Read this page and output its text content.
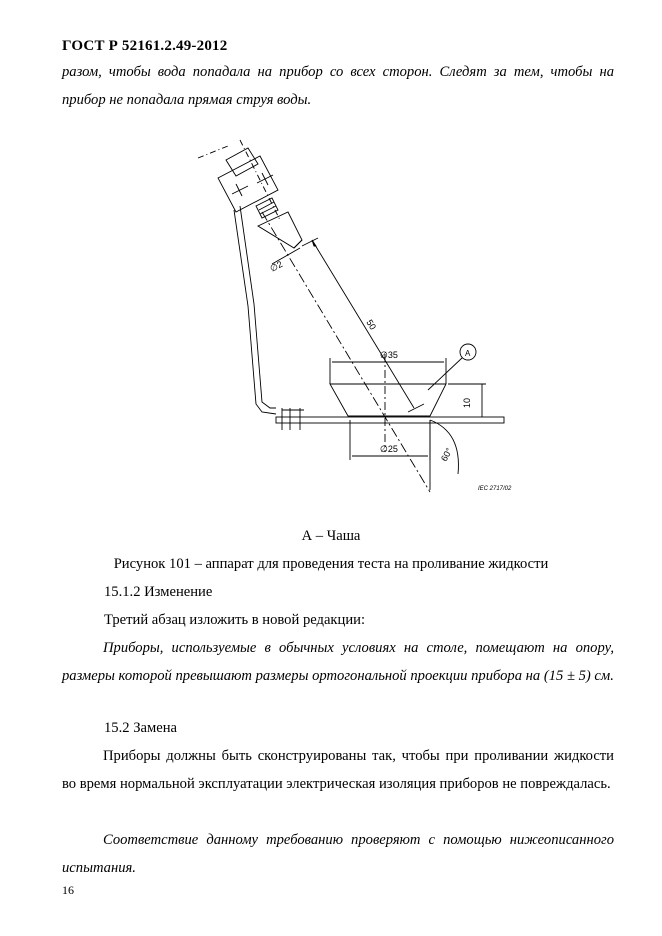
ГОСТ Р 52161.2.49-2012
разом, чтобы вода попадала на прибор со всех сторон. Следят за тем, чтобы на прибор не попадала прямая струя воды.
∅2
50
∅35
10
∅25	60°
A
IEC 2717/02
А – Чаша
Рисунок 101 – аппарат для проведения теста на проливание жидкости
15.1.2 Изменение
Третий абзац изложить в новой редакции:
Приборы, используемые в обычных условиях на столе, помещают на опору, размеры которой превышают размеры ортогональной проекции прибора на (15 ± 5) см.
15.2 Замена
Приборы должны быть сконструированы так, чтобы при проливании жидкости во время нормальной эксплуатации электрическая изоляция приборов не повреждалась.
Соответствие данному требованию проверяют с помощью нижеописанного испытания.
16
